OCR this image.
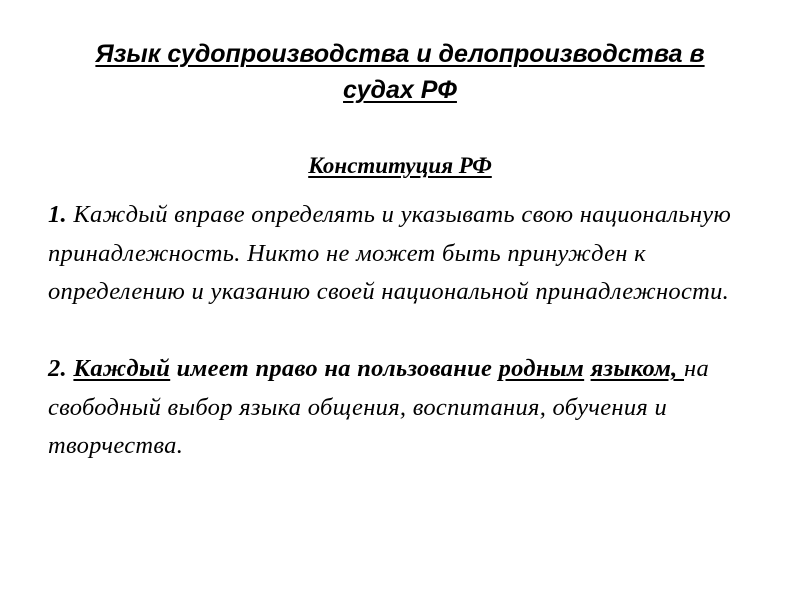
Язык судопроизводства и делопроизводства в судах РФ
Конституция РФ

1. Каждый вправе определять и указывать свою национальную принадлежность. Никто не может быть принужден к определению и указанию своей национальной принадлежности.

2. Каждый имеет право на пользование родным языком, на свободный выбор языка общения, воспитания, обучения и творчества.
